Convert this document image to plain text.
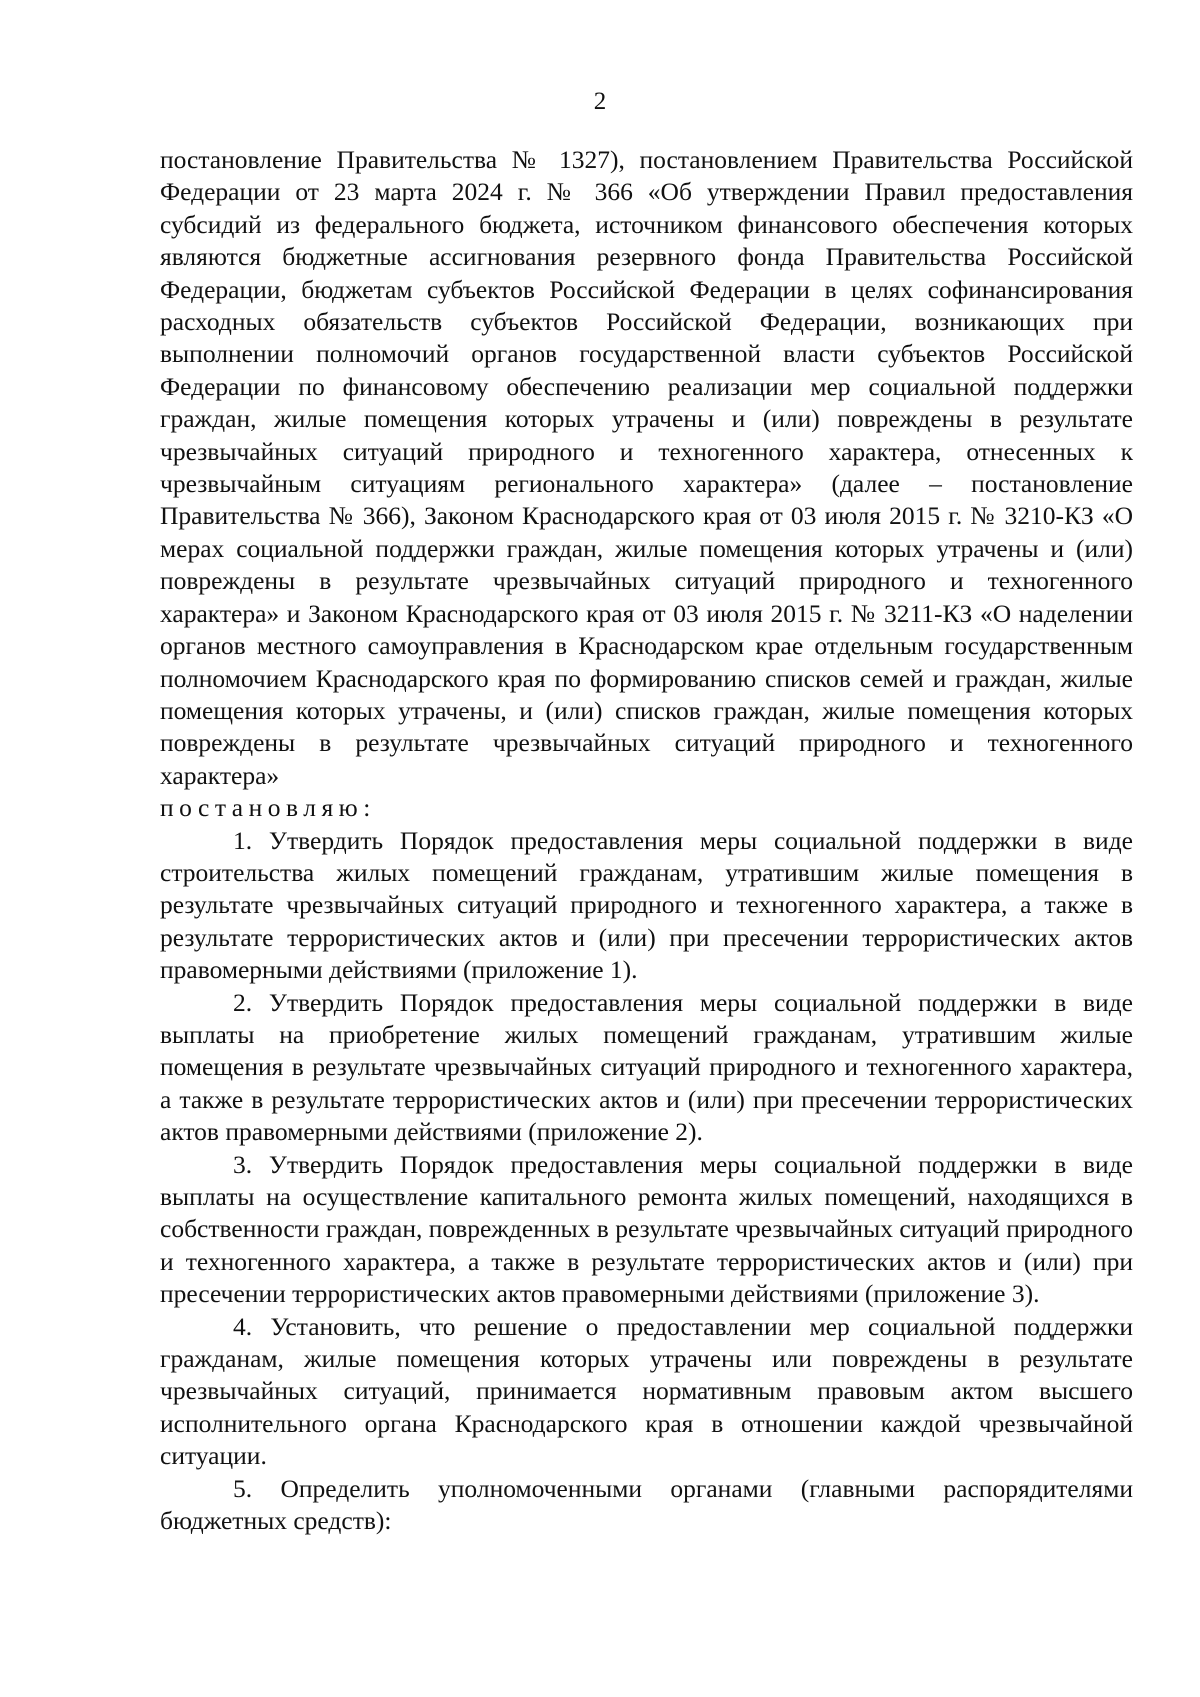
2

постановление Правительства № 1327), постановлением Правительства Российской Федерации от 23 марта 2024 г. № 366 «Об утверждении Правил предоставления субсидий из федерального бюджета, источником финансового обеспечения которых являются бюджетные ассигнования резервного фонда Правительства Российской Федерации, бюджетам субъектов Российской Федерации в целях софинансирования расходных обязательств субъектов Российской Федерации, возникающих при выполнении полномочий органов государственной власти субъектов Российской Федерации по финансовому обеспечению реализации мер социальной поддержки граждан, жилые помещения которых утрачены и (или) повреждены в результате чрезвычайных ситуаций природного и техногенного характера, отнесенных к чрезвычайным ситуациям регионального характера» (далее – постановление Правительства № 366), Законом Краснодарского края от 03 июля 2015 г. № 3210-КЗ «О мерах социальной поддержки граждан, жилые помещения которых утрачены и (или) повреждены в результате чрезвычайных ситуаций природного и техногенного характера» и Законом Краснодарского края от 03 июля 2015 г. № 3211-КЗ «О наделении органов местного самоуправления в Краснодарском крае отдельным государственным полномочием Краснодарского края по формированию списков семей и граждан, жилые помещения которых утрачены, и (или) списков граждан, жилые помещения которых повреждены в результате чрезвычайных ситуаций природного и техногенного характера»

постановляю:

1. Утвердить Порядок предоставления меры социальной поддержки в виде строительства жилых помещений гражданам, утратившим жилые помещения в результате чрезвычайных ситуаций природного и техногенного характера, а также в результате террористических актов и (или) при пресечении террористических актов правомерными действиями (приложение 1).

2. Утвердить Порядок предоставления меры социальной поддержки в виде выплаты на приобретение жилых помещений гражданам, утратившим жилые помещения в результате чрезвычайных ситуаций природного и техногенного характера, а также в результате террористических актов и (или) при пресечении террористических актов правомерными действиями (приложение 2).

3. Утвердить Порядок предоставления меры социальной поддержки в виде выплаты на осуществление капитального ремонта жилых помещений, находящихся в собственности граждан, поврежденных в результате чрезвычайных ситуаций природного и техногенного характера, а также в результате террористических актов и (или) при пресечении террористических актов правомерными действиями (приложение 3).

4. Установить, что решение о предоставлении мер социальной поддержки гражданам, жилые помещения которых утрачены или повреждены в результате чрезвычайных ситуаций, принимается нормативным правовым актом высшего исполнительного органа Краснодарского края в отношении каждой чрезвычайной ситуации.

5. Определить уполномоченными органами (главными распорядителями бюджетных средств):
